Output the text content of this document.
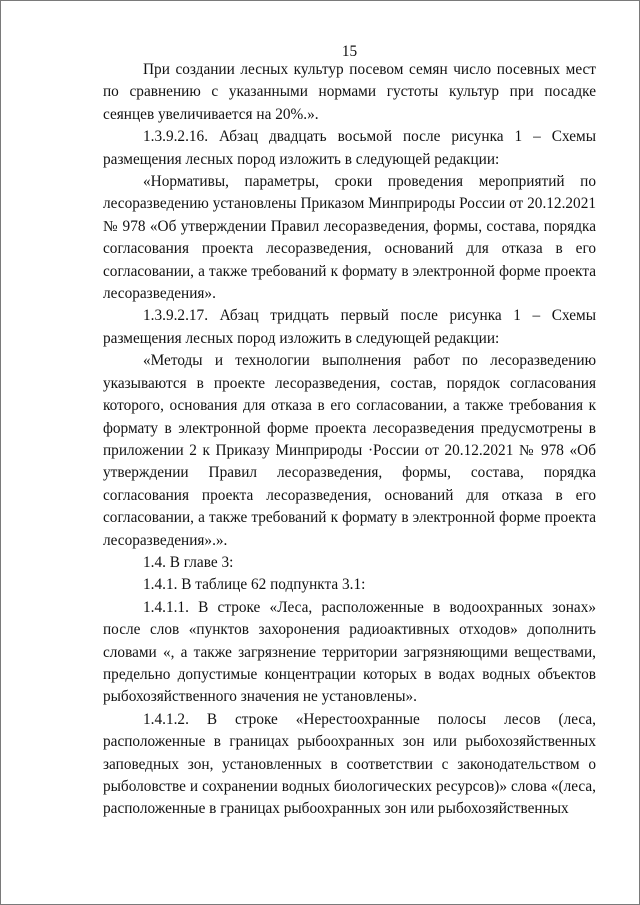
15

При создании лесных культур посевом семян число посевных мест по сравнению с указанными нормами густоты культур при посадке сеянцев увеличивается на 20%.».

1.3.9.2.16. Абзац двадцать восьмой после рисунка 1 – Схемы размещения лесных пород изложить в следующей редакции:

«Нормативы, параметры, сроки проведения мероприятий по лесоразведению установлены Приказом Минприроды России от 20.12.2021 № 978 «Об утверждении Правил лесоразведения, формы, состава, порядка согласования проекта лесоразведения, оснований для отказа в его согласовании, а также требований к формату в электронной форме проекта лесоразведения».

1.3.9.2.17. Абзац тридцать первый после рисунка 1 – Схемы размещения лесных пород изложить в следующей редакции:

«Методы и технологии выполнения работ по лесоразведению указываются в проекте лесоразведения, состав, порядок согласования которого, основания для отказа в его согласовании, а также требования к формату в электронной форме проекта лесоразведения предусмотрены в приложении 2 к Приказу Минприроды ·России от 20.12.2021 № 978 «Об утверждении Правил лесоразведения, формы, состава, порядка согласования проекта лесоразведения, оснований для отказа в его согласовании, а также требований к формату в электронной форме проекта лесоразведения».».

1.4. В главе 3:

1.4.1. В таблице 62 подпункта 3.1:

1.4.1.1. В строке «Леса, расположенные в водоохранных зонах» после слов «пунктов захоронения радиоактивных отходов» дополнить словами «, а также загрязнение территории загрязняющими веществами, предельно допустимые концентрации которых в водах водных объектов рыбохозяйственного значения не установлены».

1.4.1.2. В строке «Нерестоохранные полосы лесов (леса, расположенные в границах рыбоохранных зон или рыбохозяйственных заповедных зон, установленных в соответствии с законодательством о рыболовстве и сохранении водных биологических ресурсов)» слова «(леса, расположенные в границах рыбоохранных зон или рыбохозяйственных
